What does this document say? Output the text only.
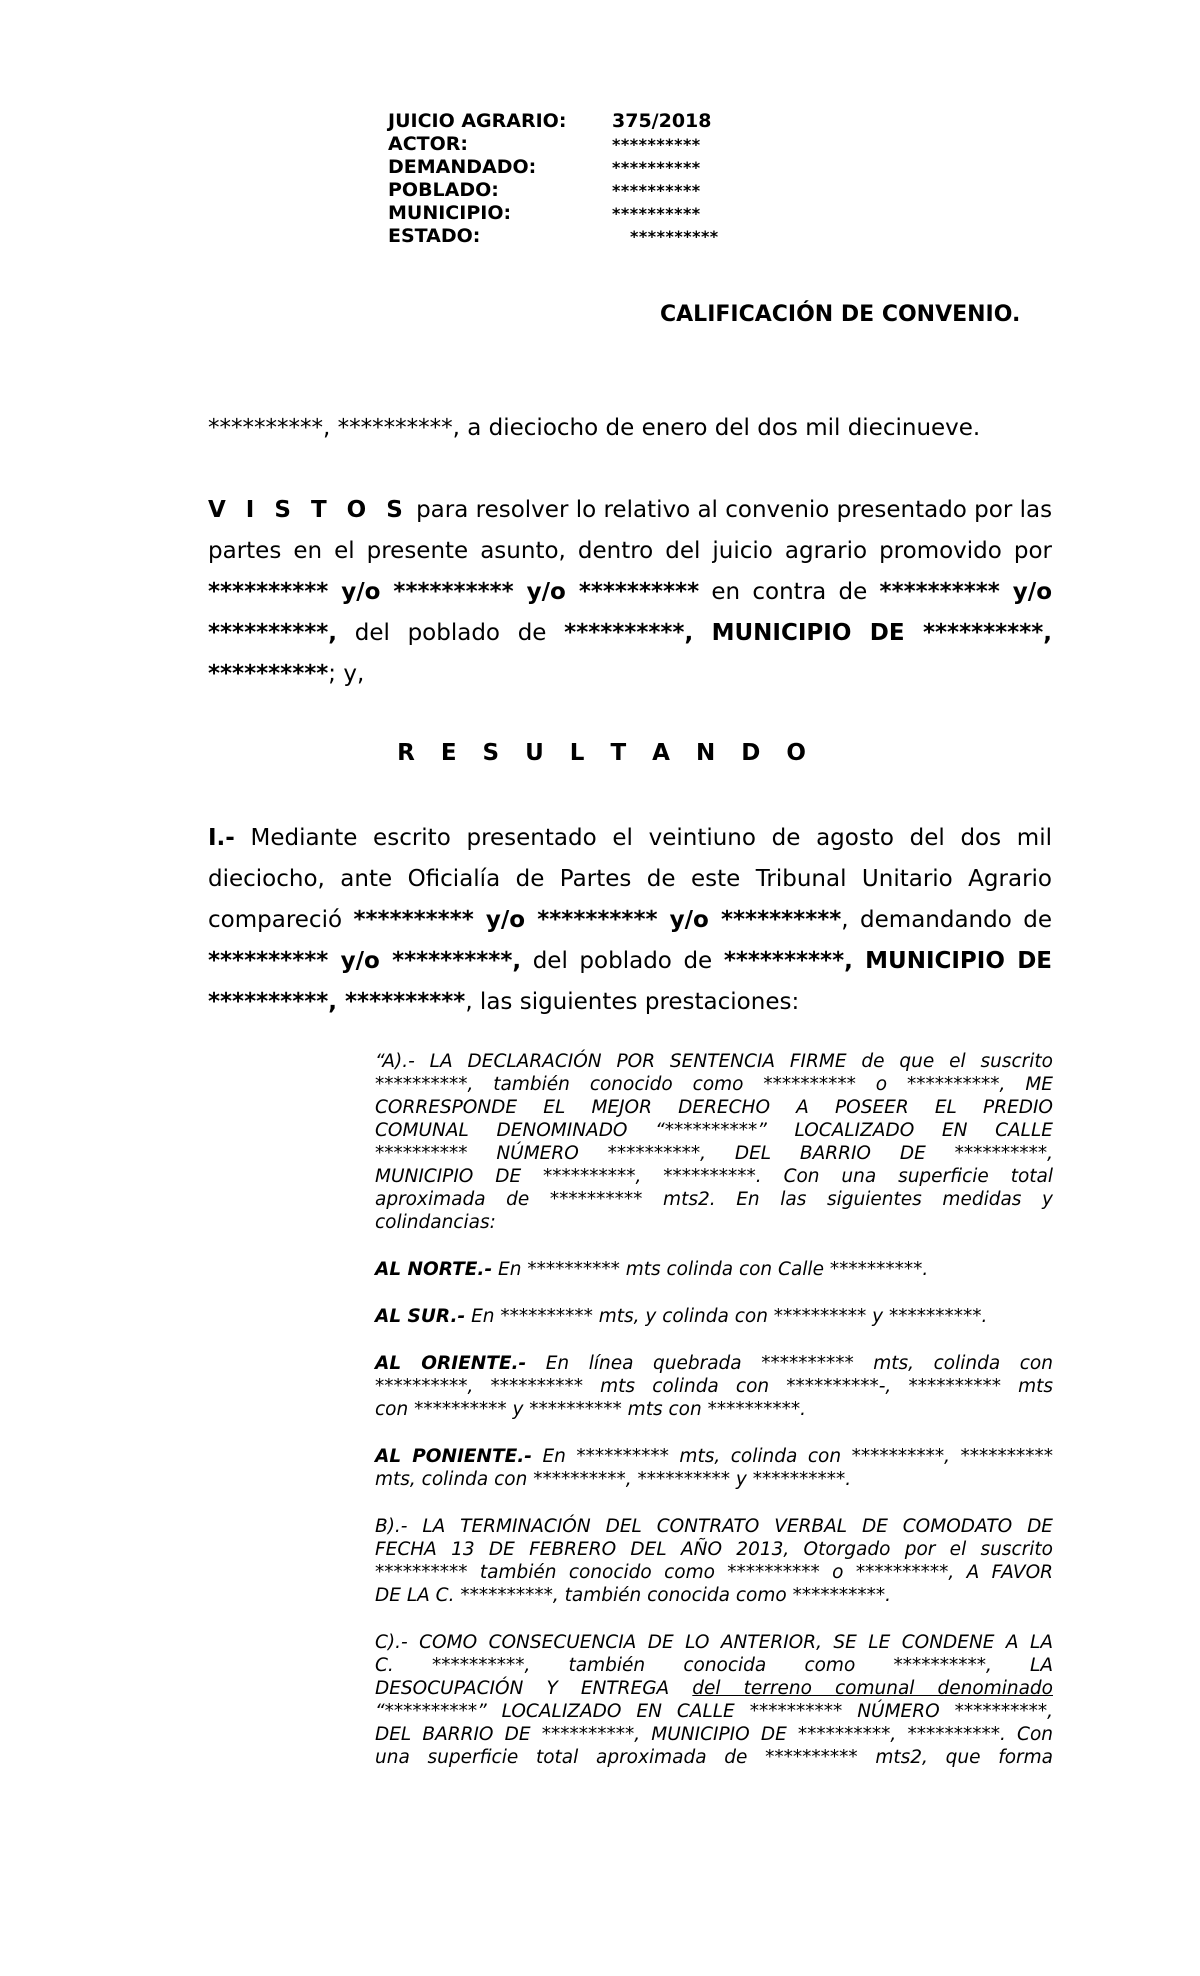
JUICIO AGRARIO:	375/2018
ACTOR:	**********
DEMANDADO:	**********
POBLADO:	**********
MUNICIPIO:	**********
ESTADO:	**********
CALIFICACIÓN DE CONVENIO.
**********, **********, a dieciocho de enero del dos mil diecinueve.
V I S T O S para resolver lo relativo al convenio presentado por las
partes en el presente asunto, dentro del juicio agrario promovido por
********** y/o ********** y/o ********** en contra de ********** y/o
**********, del poblado de **********, MUNICIPIO DE **********,
**********; y,
R E S U L T A N D O
I.- Mediante escrito presentado el veintiuno de agosto del dos mil
dieciocho, ante Oficialía de Partes de este Tribunal Unitario Agrario
compareció ********** y/o ********** y/o **********, demandando de
********** y/o **********, del poblado de **********, MUNICIPIO DE
**********, **********, las siguientes prestaciones:
“A).- LA DECLARACIÓN POR SENTENCIA FIRME de que el suscrito
**********, también conocido como ********** o **********, ME
CORRESPONDE EL MEJOR DERECHO A POSEER EL PREDIO
COMUNAL DENOMINADO “**********” LOCALIZADO EN CALLE
********** NÚMERO **********, DEL BARRIO DE **********,
MUNICIPIO DE **********, **********. Con una superficie total
aproximada de ********** mts2. En las siguientes medidas y
colindancias:
AL NORTE.- En ********** mts colinda con Calle **********.
AL SUR.- En ********** mts, y colinda con ********** y **********.
AL ORIENTE.- En línea quebrada ********** mts, colinda con
**********, ********** mts colinda con **********-, ********** mts
con ********** y ********** mts con **********.
AL PONIENTE.- En ********** mts, colinda con **********, **********
mts, colinda con **********, ********** y **********.
B).- LA TERMINACIÓN DEL CONTRATO VERBAL DE COMODATO DE
FECHA 13 DE FEBRERO DEL AÑO 2013, Otorgado por el suscrito
********** también conocido como ********** o **********, A FAVOR
DE LA C. **********, también conocida como **********.
C).- COMO CONSECUENCIA DE LO ANTERIOR, SE LE CONDENE A LA
C. **********, también conocida como **********, LA
DESOCUPACIÓN Y ENTREGA del terreno comunal denominado
“**********” LOCALIZADO EN CALLE ********** NÚMERO **********,
DEL BARRIO DE **********, MUNICIPIO DE **********, **********. Con
una superficie total aproximada de ********** mts2, que forma
